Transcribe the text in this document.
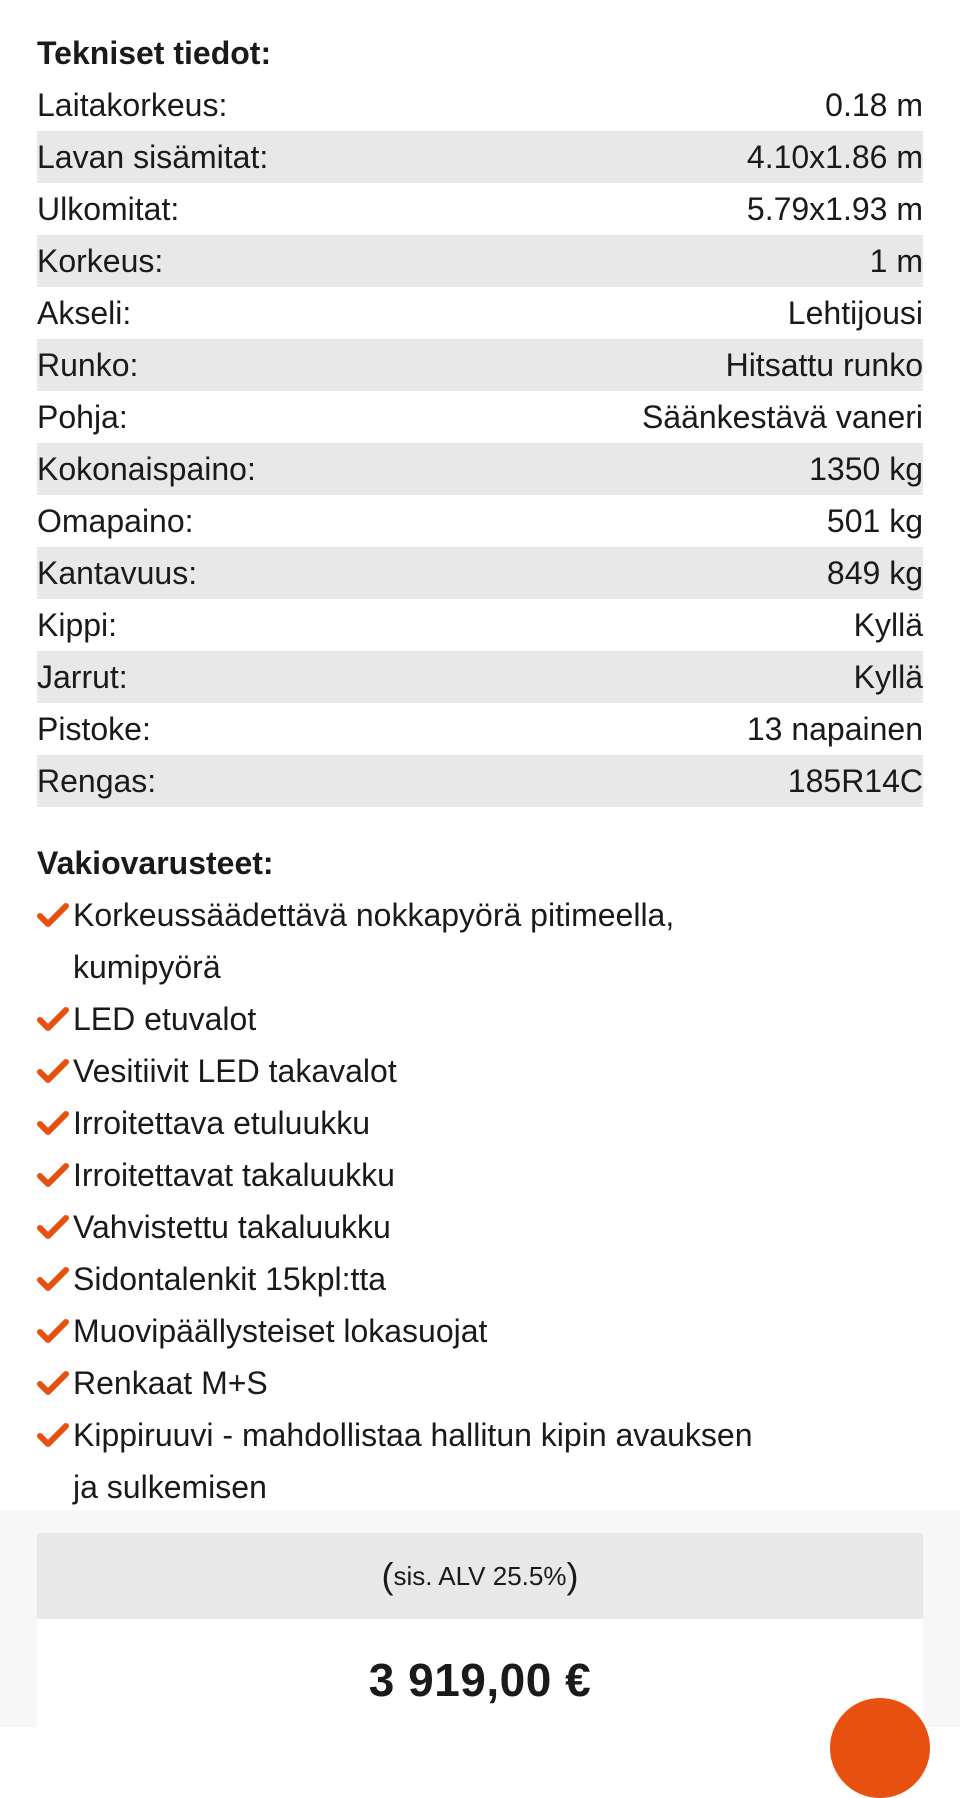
Tekniset tiedot:
Laitakorkeus:	0.18 m
Lavan sisämitat:	4.10x1.86 m
Ulkomitat:	5.79x1.93 m
Korkeus:	1 m
Akseli:	Lehtijousi
Runko:	Hitsattu runko
Pohja:	Säänkestävä vaneri
Kokonaispaino:	1350 kg
Omapaino:	501 kg
Kantavuus:	849 kg
Kippi:	Kyllä
Jarrut:	Kyllä
Pistoke:	13 napainen
Rengas:	185R14C
Vakiovarusteet:
Korkeussäädettävä nokkapyörä pitimeella, kumipyörä
LED etuvalot
Vesitiivit LED takavalot
Irroitettava etuluukku
Irroitettavat takaluukku
Vahvistettu takaluukku
Sidontalenkit 15kpl:tta
Muovipäällysteiset lokasuojat
Renkaat M+S
Kippiruuvi - mahdollistaa hallitun kipin avauksen ja sulkemisen
( sis. ALV 25.5% )
3 919,00 €
